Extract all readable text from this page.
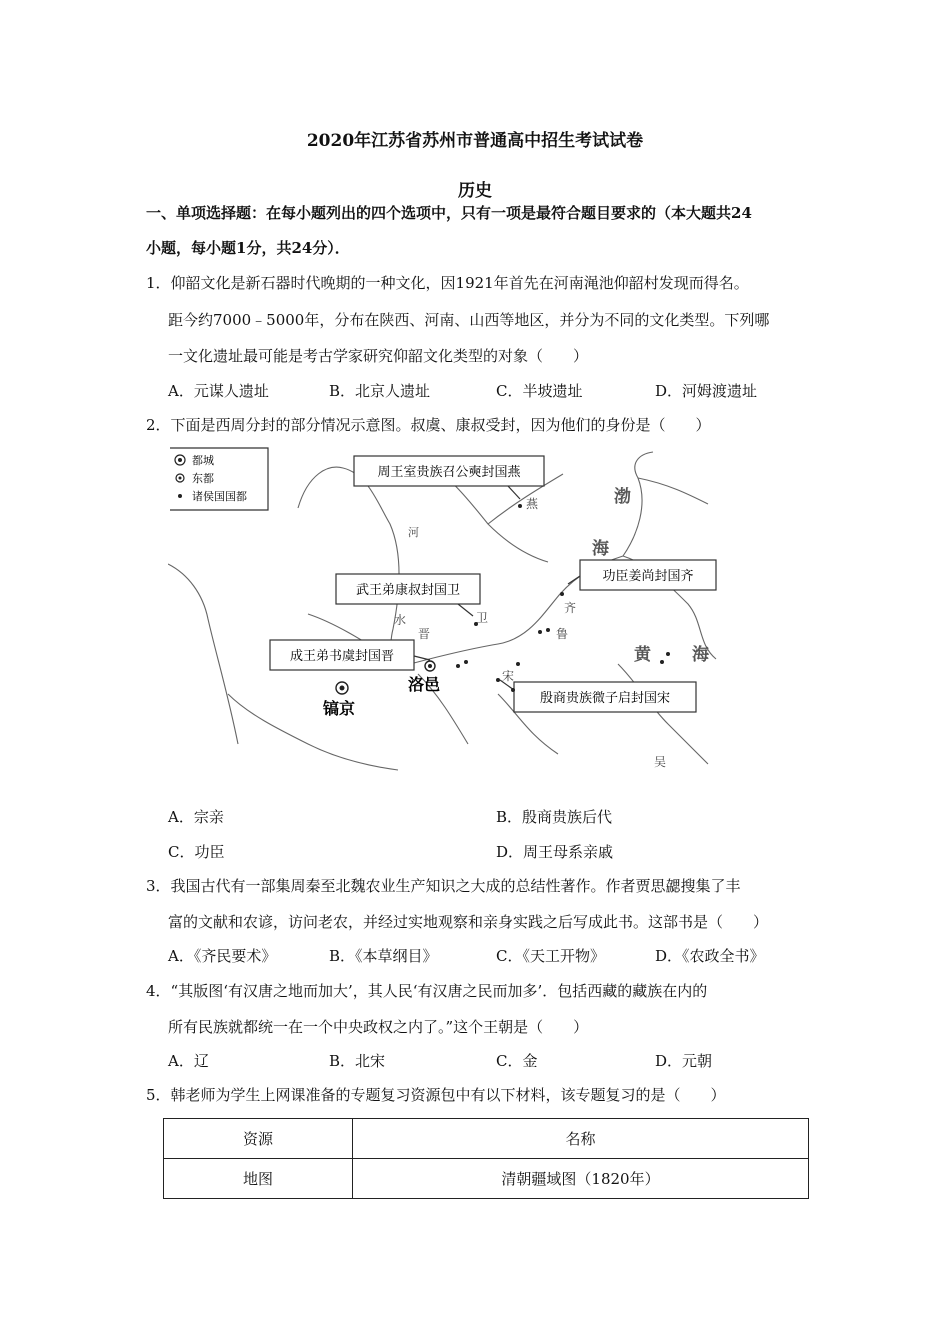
2020年江苏省苏州市普通高中招生考试试卷
历史
一、单项选择题：在每小题列出的四个选项中，只有一项是最符合题目要求的（本大题共24
小题，每小题1分，共24分）．
1．仰韶文化是新石器时代晚期的一种文化，因1921年首先在河南渑池仰韶村发现而得名。
距今约7000﹣5000年，分布在陕西、河南、山西等地区，并分为不同的文化类型。下列哪
一文化遗址最可能是考古学家研究仰韶文化类型的对象（　　）
A．元谋人遗址	B．北京人遗址	C．半坡遗址	D．河姆渡遗址
2．下面是西周分封的部分情况示意图。叔虞、康叔受封，因为他们的身份是（　　）
都城
东都
诸侯国国都
周王室贵族召公奭封国燕
武王弟康叔封国卫
功臣姜尚封国齐
成王弟书虞封国晋
殷商贵族微子启封国宋
镐京
洛邑
燕
卫
晋
齐
鲁
宋
吴
河
水
渤
海
黄 海
A．宗亲	B．殷商贵族后代
C．功臣	D．周王母系亲戚
3．我国古代有一部集周秦至北魏农业生产知识之大成的总结性著作。作者贾思勰搜集了丰
富的文献和农谚，访问老农，并经过实地观察和亲身实践之后写成此书。这部书是（　　）
A．《齐民要术》	B．《本草纲目》	C．《天工开物》	D．《农政全书》
4．“其版图‘有汉唐之地而加大’，其人民‘有汉唐之民而加多’．包括西藏的藏族在内的
所有民族就都统一在一个中央政权之内了。”这个王朝是（　　）
A．辽	B．北宋	C．金	D．元朝
5．韩老师为学生上网课准备的专题复习资源包中有以下材料，该专题复习的是（　　）
资源	名称
地图	清朝疆域图（1820年）
